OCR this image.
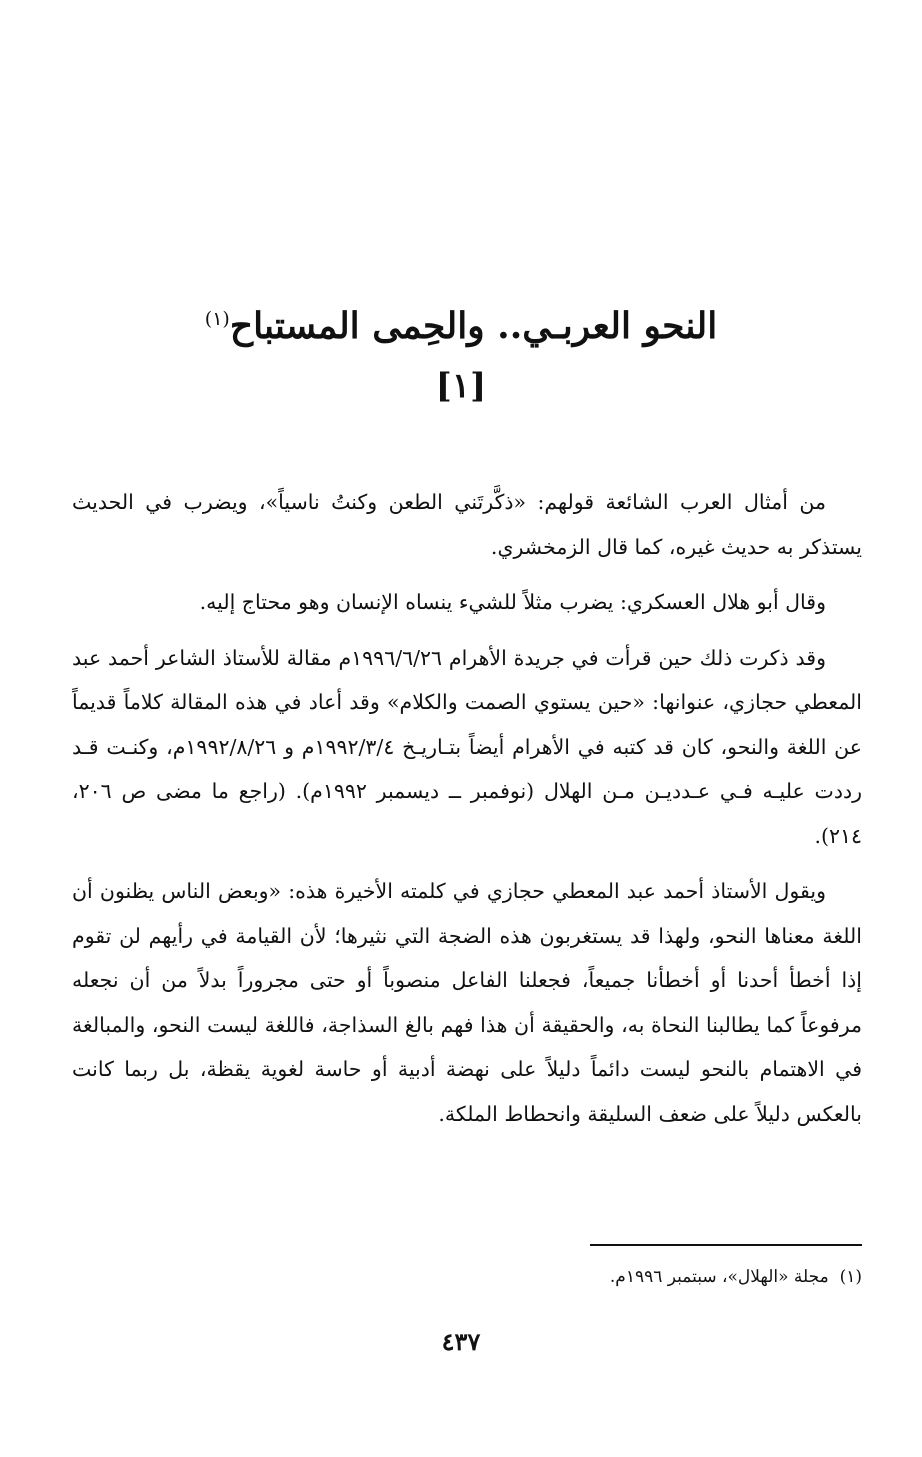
النحو العربـي.. والحِمى المستباح$^{(١)}$
[١]

من أمثال العرب الشائعة قولهم: «ذكَّرتَني الطعن وكنتُ ناسياً»، ويضرب في الحديث يستذكر به حديث غيره، كما قال الزمخشري.

وقال أبو هلال العسكري: يضرب مثلاً للشيء ينساه الإنسان وهو محتاج إليه.

وقد ذكرت ذلك حين قرأت في جريدة الأهرام ١٩٩٦/٦/٢٦م مقالة للأستاذ الشاعر أحمد عبد المعطي حجازي، عنوانها: «حين يستوي الصمت والكلام» وقد أعاد في هذه المقالة كلاماً قديماً عن اللغة والنحو، كان قد كتبه في الأهرام أيضاً بتـاريـخ ١٩٩٢/٣/٤م و ١٩٩٢/٨/٢٦م، وكنـت قـد رددت عليـه فـي عـدديـن مـن الهلال (نوفمبر ــ ديسمبر ١٩٩٢م). (راجع ما مضى ص ٢٠٦، ٢١٤).

ويقول الأستاذ أحمد عبد المعطي حجازي في كلمته الأخيرة هذه: «وبعض الناس يظنون أن اللغة معناها النحو، ولهذا قد يستغربون هذه الضجة التي نثيرها؛ لأن القيامة في رأيهم لن تقوم إذا أخطأ أحدنا أو أخطأنا جميعاً، فجعلنا الفاعل منصوباً أو حتى مجروراً بدلاً من أن نجعله مرفوعاً كما يطالبنا النحاة به، والحقيقة أن هذا فهم بالغ السذاجة، فاللغة ليست النحو، والمبالغة في الاهتمام بالنحو ليست دائماً دليلاً على نهضة أدبية أو حاسة لغوية يقظة، بل ربما كانت بالعكس دليلاً على ضعف السليقة وانحطاط الملكة.

(١)  مجلة «الهلال»، سبتمبر ١٩٩٦م.
٤٣٧
